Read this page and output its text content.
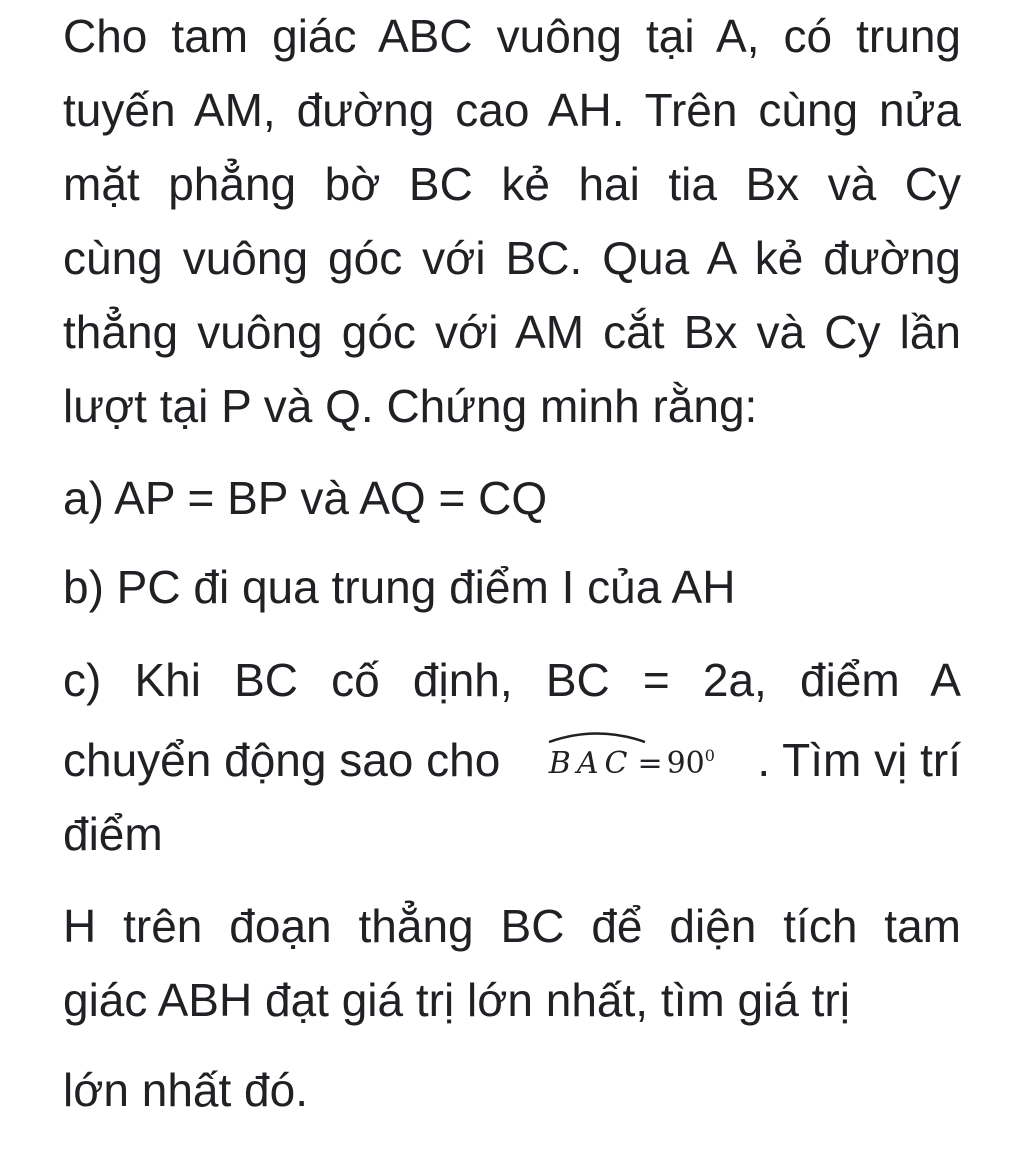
Cho tam giác ABC vuông tại A, có trung
tuyến AM, đường cao AH. Trên cùng nửa
mặt phẳng bờ BC kẻ hai tia Bx và Cy
cùng vuông góc với BC. Qua A kẻ đường
thẳng vuông góc với AM cắt Bx và Cy lần
lượt tại P và Q. Chứng minh rằng:
a) AP = BP và AQ = CQ
b) PC đi qua trung điểm I của AH
c) Khi BC cố định, BC = 2a, điểm A
chuyển động sao cho BAC = $90^0$ . Tìm vị trí
điểm
H trên đoạn thẳng BC để diện tích tam
giác ABH đạt giá trị lớn nhất, tìm giá trị
lớn nhất đó.
